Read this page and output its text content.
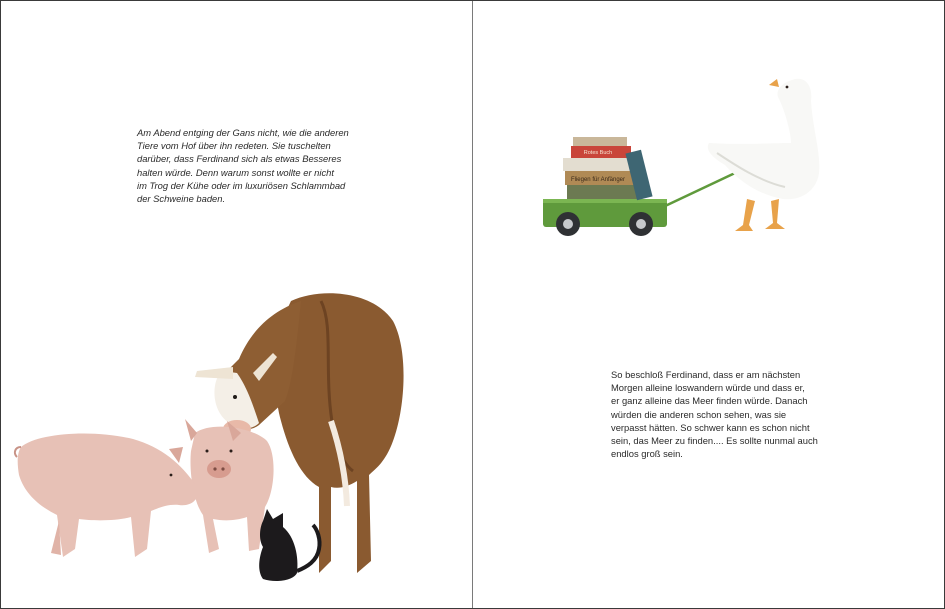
Am Abend entging der Gans nicht, wie die anderen
Tiere vom Hof über ihn redeten. Sie tuschelten
darüber, dass Ferdinand sich als etwas Besseres
halten würde. Denn warum sonst wollte er nicht
im Trog der Kühe oder im luxuriösen Schlammbad
der Schweine baden.
Rotes Buch
Fliegen für Anfänger
So beschloß Ferdinand, dass er am nächsten
Morgen alleine loswandern würde und dass er,
er ganz alleine das Meer finden würde. Danach
würden die anderen schon sehen, was sie
verpasst hätten. So schwer kann es schon nicht
sein, das Meer zu finden.... Es sollte nunmal auch
endlos groß sein.
